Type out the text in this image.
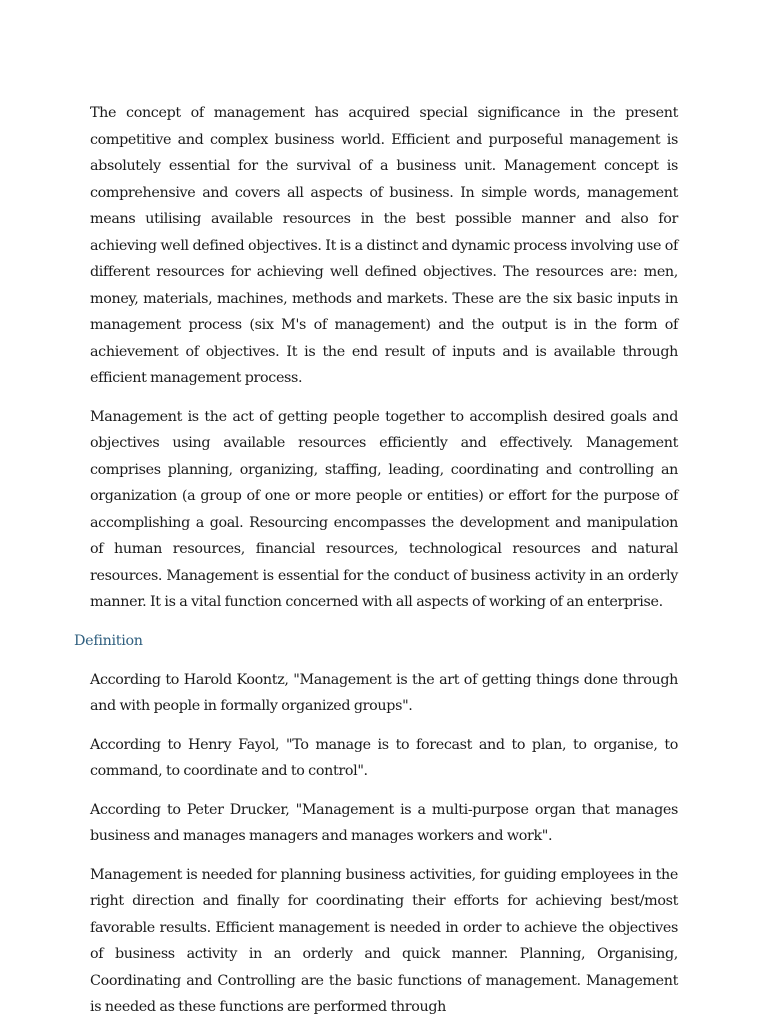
The concept of management has acquired special significance in the present competitive and complex business world. Efficient and purposeful management is absolutely essential for the survival of a business unit. Management concept is comprehensive and covers all aspects of business. In simple words, management means utilising available resources in the best possible manner and also for achieving well defined objectives. It is a distinct and dynamic process involving use of different resources for achieving well defined objectives. The resources are: men, money, materials, machines, methods and markets. These are the six basic inputs in management process (six M's of management) and the output is in the form of achievement of objectives. It is the end result of inputs and is available through efficient management process.

Management is the act of getting people together to accomplish desired goals and objectives using available resources efficiently and effectively. Management comprises planning, organizing, staffing, leading, coordinating and controlling an organization (a group of one or more people or entities) or effort for the purpose of accomplishing a goal. Resourcing encompasses the development and manipulation of human resources, financial resources, technological resources and natural resources. Management is essential for the conduct of business activity in an orderly manner. It is a vital function concerned with all aspects of working of an enterprise.

Definition

According to Harold Koontz, "Management is the art of getting things done through and with people in formally organized groups".

According to Henry Fayol, "To manage is to forecast and to plan, to organise, to command, to coordinate and to control".

According to Peter Drucker, "Management is a multi-purpose organ that manages business and manages managers and manages workers and work".

Management is needed for planning business activities, for guiding employees in the right direction and finally for coordinating their efforts for achieving best/most favorable results. Efficient management is needed in order to achieve the objectives of business activity in an orderly and quick manner. Planning, Organising, Coordinating and Controlling are the basic functions of management. Management is needed as these functions are performed through
